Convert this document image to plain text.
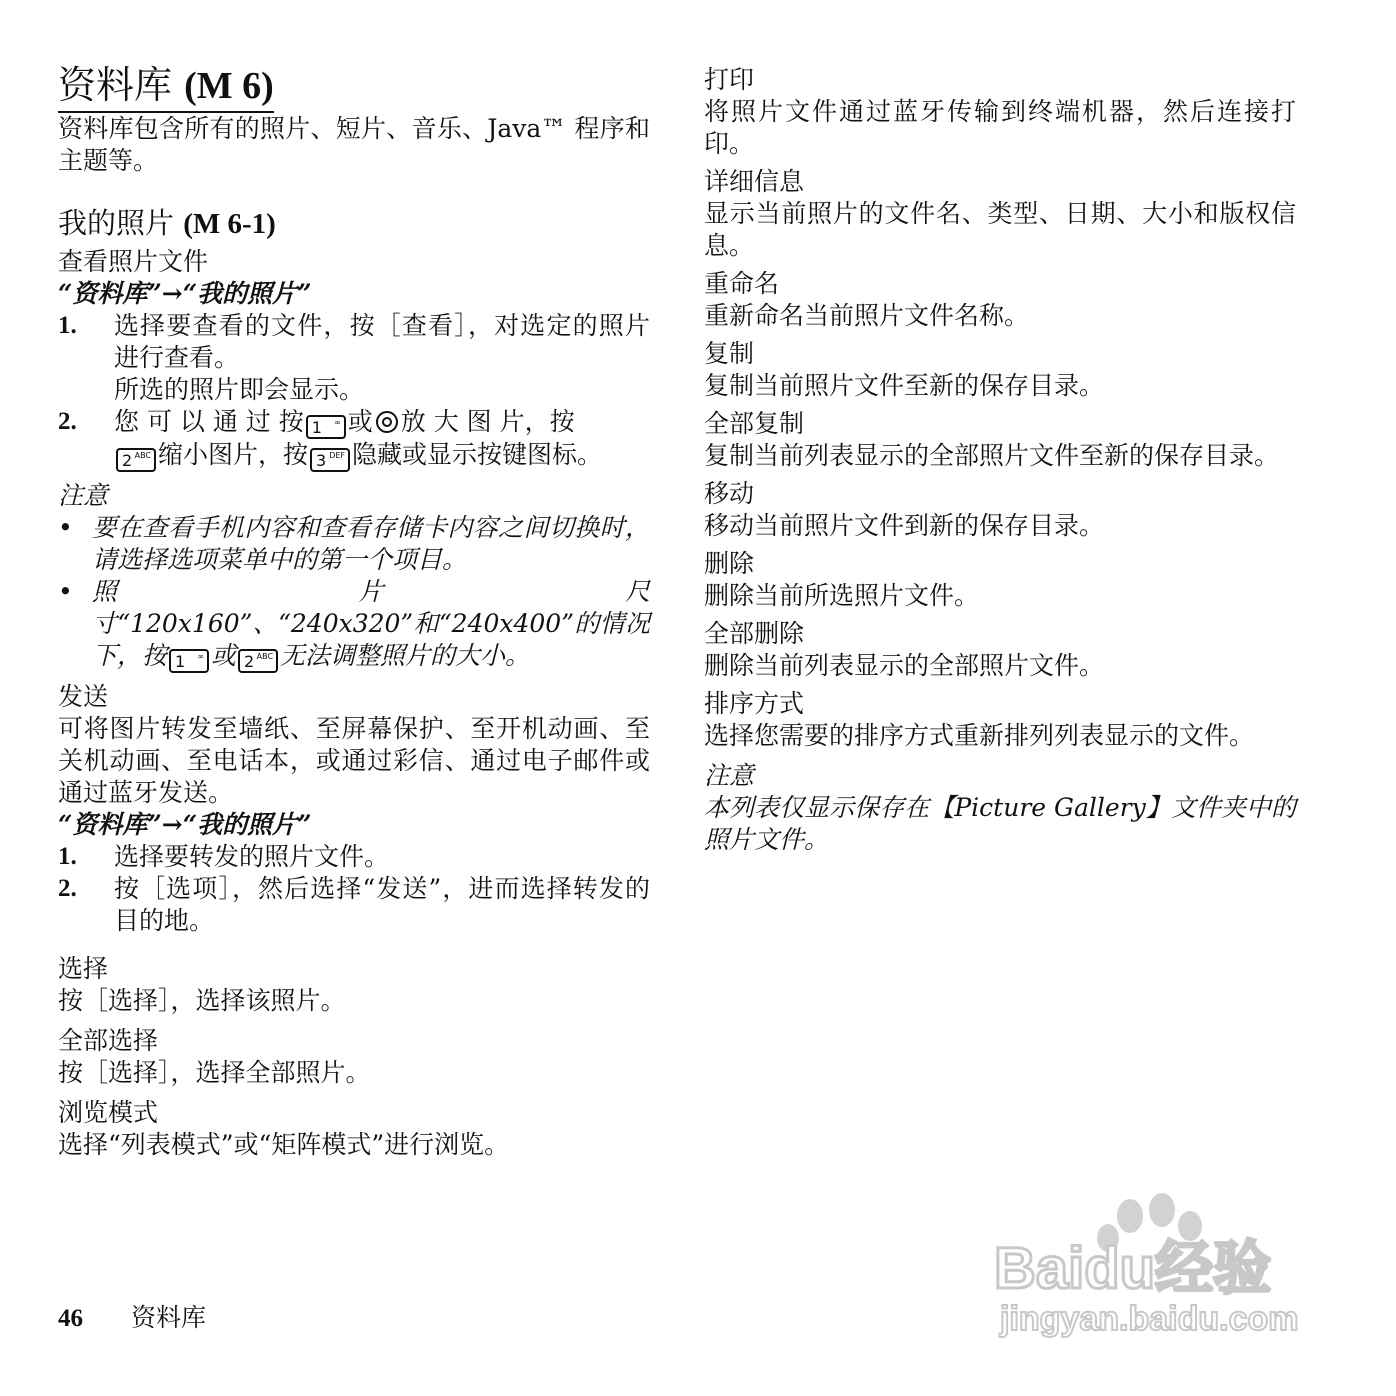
资料库 (M 6)

资料库包含所有的照片、短片、音乐、Java™ 程序和主题等。

我的照片 (M 6-1)

查看照片文件

“资料库”→“我的照片”

1.	选择要查看的文件，按［查看］，对选定的照片进行查看。
所选的照片即会显示。
2.	您 可 以 通 过 按 1 ∞ 或 放 大 图 片，按
2 ABC 缩小图片，按 3 DEF 隐藏或显示按键图标。

注意

• 要在查看手机内容和查看存储卡内容之间切换时，请选择选项菜单中的第一个项目。
• 照　片　尺　寸“120x160”、“240x320”和“240x400”的情况下，按 1 ∞ 或 2 ABC 无法调整照片的大小。

发送

可将图片转发至墙纸、至屏幕保护、至开机动画、至关机动画、至电话本，或通过彩信、通过电子邮件或通过蓝牙发送。

“资料库”→“我的照片”

1.	选择要转发的照片文件。
2.	按［选项］，然后选择“发送”，进而选择转发的目的地。

选择

按［选择］，选择该照片。

全部选择

按［选择］，选择全部照片。

浏览模式

选择“列表模式”或“矩阵模式”进行浏览。

打印

将照片文件通过蓝牙传输到终端机器，然后连接打印。

详细信息

显示当前照片的文件名、类型、日期、大小和版权信息。

重命名

重新命名当前照片文件名称。

复制

复制当前照片文件至新的保存目录。

全部复制

复制当前列表显示的全部照片文件至新的保存目录。

移动

移动当前照片文件到新的保存目录。

删除

删除当前所选照片文件。

全部删除

删除当前列表显示的全部照片文件。

排序方式

选择您需要的排序方式重新排列列表显示的文件。

注意

本列表仅显示保存在【Picture Gallery】文件夹中的照片文件。

46 资料库
Baidu经验
jingyan.baidu.com
